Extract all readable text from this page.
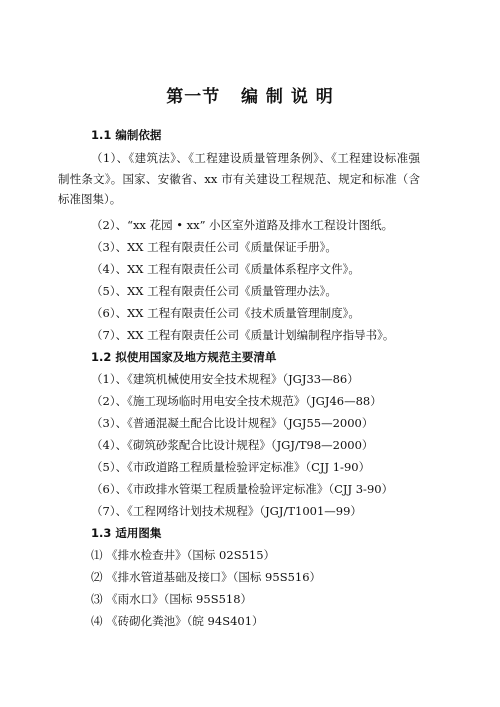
第一节   编 制 说 明
1.1 编制依据
（1）、《建筑法》、《工程建设质量管理条例》、《工程建设标准强制性条文》。国家、安徽省、xx 市有关建设工程规范、规定和标准（含标准图集）。
（2）、“xx 花园 • xx” 小区室外道路及排水工程设计图纸。
（3）、XX 工程有限责任公司《质量保证手册》。
（4）、XX 工程有限责任公司《质量体系程序文件》。
（5）、XX 工程有限责任公司《质量管理办法》。
（6）、XX 工程有限责任公司《技术质量管理制度》。
（7）、XX 工程有限责任公司《质量计划编制程序指导书》。
1.2 拟使用国家及地方规范主要清单
（1）、《建筑机械使用安全技术规程》（JGJ33—86）
（2）、《施工现场临时用电安全技术规范》（JGJ46—88）
（3）、《普通混凝土配合比设计规程》（JGJ55—2000）
（4）、《砌筑砂浆配合比设计规程》（JGJ/T98—2000）
（5）、《市政道路工程质量检验评定标准》（CJJ 1-90）
（6）、《市政排水管渠工程质量检验评定标准》（CJJ 3-90）
（7）、《工程网络计划技术规程》（JGJ/T1001—99）
1.3 适用图集
⑴ 《排水检查井》（国标 02S515）
⑵ 《排水管道基础及接口》（国标 95S516）
⑶ 《雨水口》（国标 95S518）
⑷ 《砖砌化粪池》（皖 94S401）
